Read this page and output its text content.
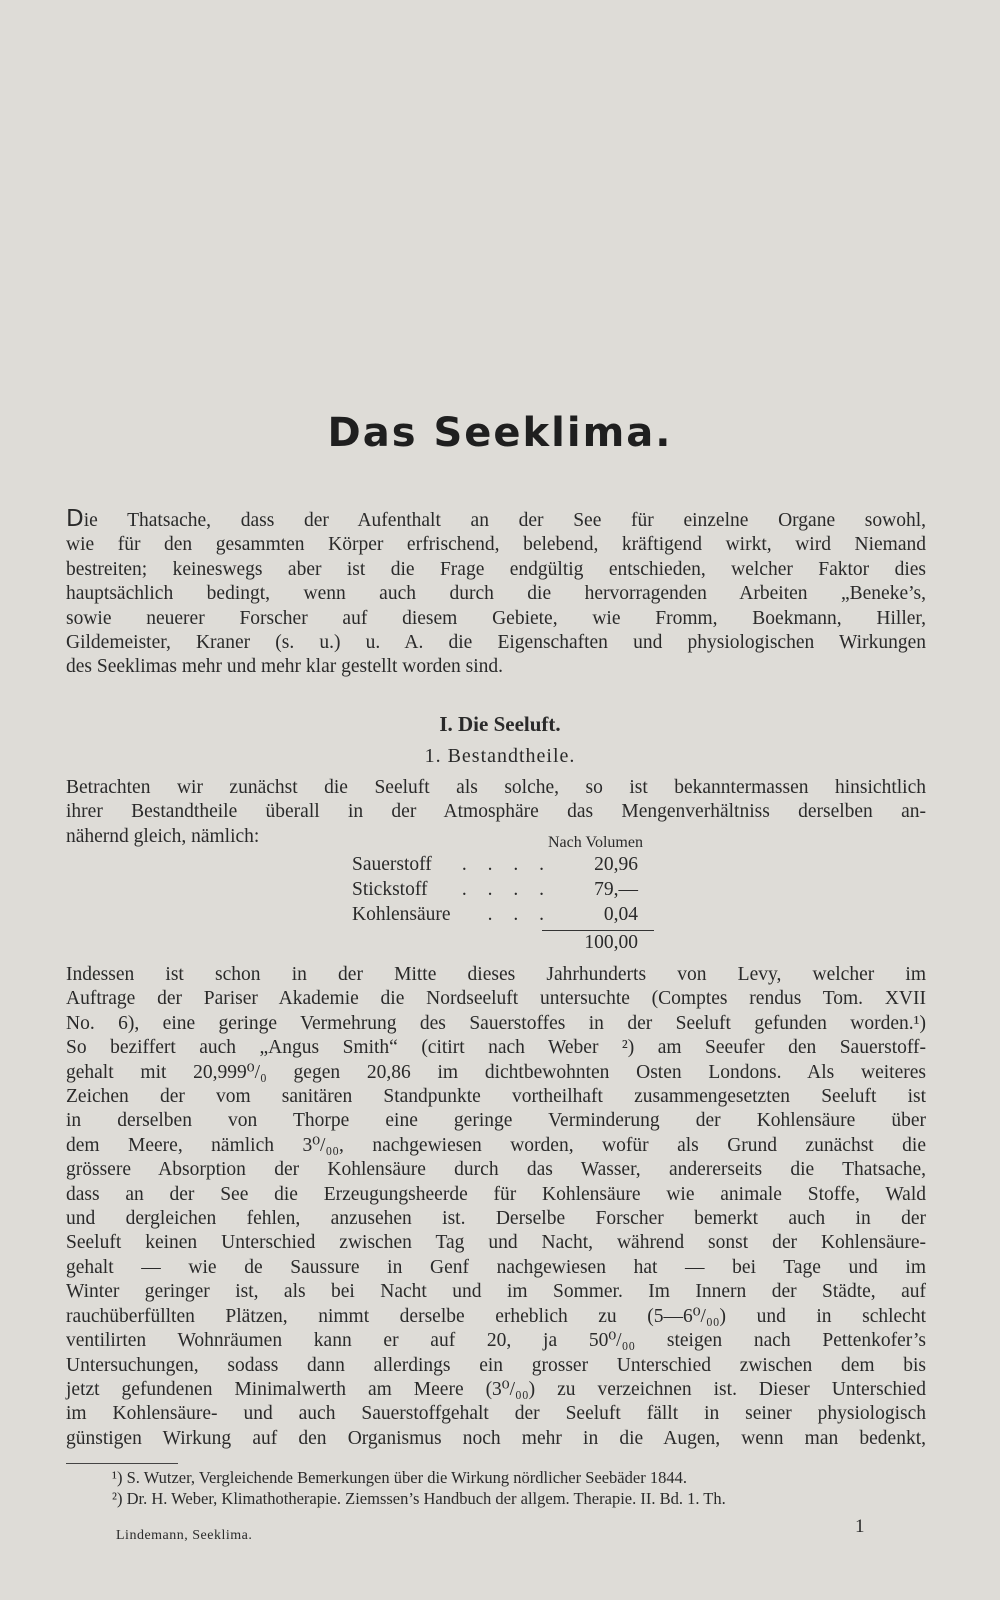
Das Seeklima.
Die Thatsache, dass der Aufenthalt an der See für einzelne Organe sowohl,
wie für den gesammten Körper erfrischend, belebend, kräftigend wirkt, wird Niemand
bestreiten; keineswegs aber ist die Frage endgültig entschieden, welcher Faktor dies
hauptsächlich bedingt, wenn auch durch die hervorragenden Arbeiten „Beneke’s,
sowie neuerer Forscher auf diesem Gebiete, wie Fromm, Boekmann, Hiller,
Gildemeister, Kraner (s. u.) u. A. die Eigenschaften und physiologischen Wirkungen
des Seeklimas mehr und mehr klar gestellt worden sind.
I. Die Seeluft.
1. Bestandtheile.
Betrachten wir zunächst die Seeluft als solche, so ist bekanntermassen hinsichtlich
ihrer Bestandtheile überall in der Atmosphäre das Mengenverhältniss derselben an-
nähernd gleich, nämlich:	Nach Volumen
Sauerstoff	. . . . 20,96
Stickstoff	. . . . 79,—
Kohlensäure	. . .	0,04
100,00
Indessen ist schon in der Mitte dieses Jahrhunderts von Levy, welcher im
Auftrage der Pariser Akademie die Nordseeluft untersuchte (Comptes rendus Tom. XVII
No. 6), eine geringe Vermehrung des Sauerstoffes in der Seeluft gefunden worden.¹)
So beziffert auch „Angus Smith“ (citirt nach Weber ²) am Seeufer den Sauerstoff-
gehalt mit 20,999⁰/₀ gegen 20,86 im dichtbewohnten Osten Londons. Als weiteres
Zeichen der vom sanitären Standpunkte vortheilhaft zusammengesetzten Seeluft ist
in derselben von Thorpe eine geringe Verminderung der Kohlensäure über
dem Meere, nämlich 3⁰/₀₀, nachgewiesen worden, wofür als Grund zunächst die
grössere Absorption der Kohlensäure durch das Wasser, andererseits die Thatsache,
dass an der See die Erzeugungsheerde für Kohlensäure wie animale Stoffe, Wald
und dergleichen fehlen, anzusehen ist. Derselbe Forscher bemerkt auch in der
Seeluft keinen Unterschied zwischen Tag und Nacht, während sonst der Kohlensäure-
gehalt — wie de Saussure in Genf nachgewiesen hat — bei Tage und im
Winter geringer ist, als bei Nacht und im Sommer. Im Innern der Städte, auf
rauchüberfüllten Plätzen, nimmt derselbe erheblich zu (5—6⁰/₀₀) und in schlecht
ventilirten Wohnräumen kann er auf 20, ja 50⁰/₀₀ steigen nach Pettenkofer’s
Untersuchungen, sodass dann allerdings ein grosser Unterschied zwischen dem bis
jetzt gefundenen Minimalwerth am Meere (3⁰/₀₀) zu verzeichnen ist. Dieser Unterschied
im Kohlensäure- und auch Sauerstoffgehalt der Seeluft fällt in seiner physiologisch
günstigen Wirkung auf den Organismus noch mehr in die Augen, wenn man bedenkt,
¹) S. Wutzer, Vergleichende Bemerkungen über die Wirkung nördlicher Seebäder 1844.
²) Dr. H. Weber, Klimathotherapie. Ziemssen’s Handbuch der allgem. Therapie. II. Bd. 1. Th.
Lindemann, Seeklima.	1
